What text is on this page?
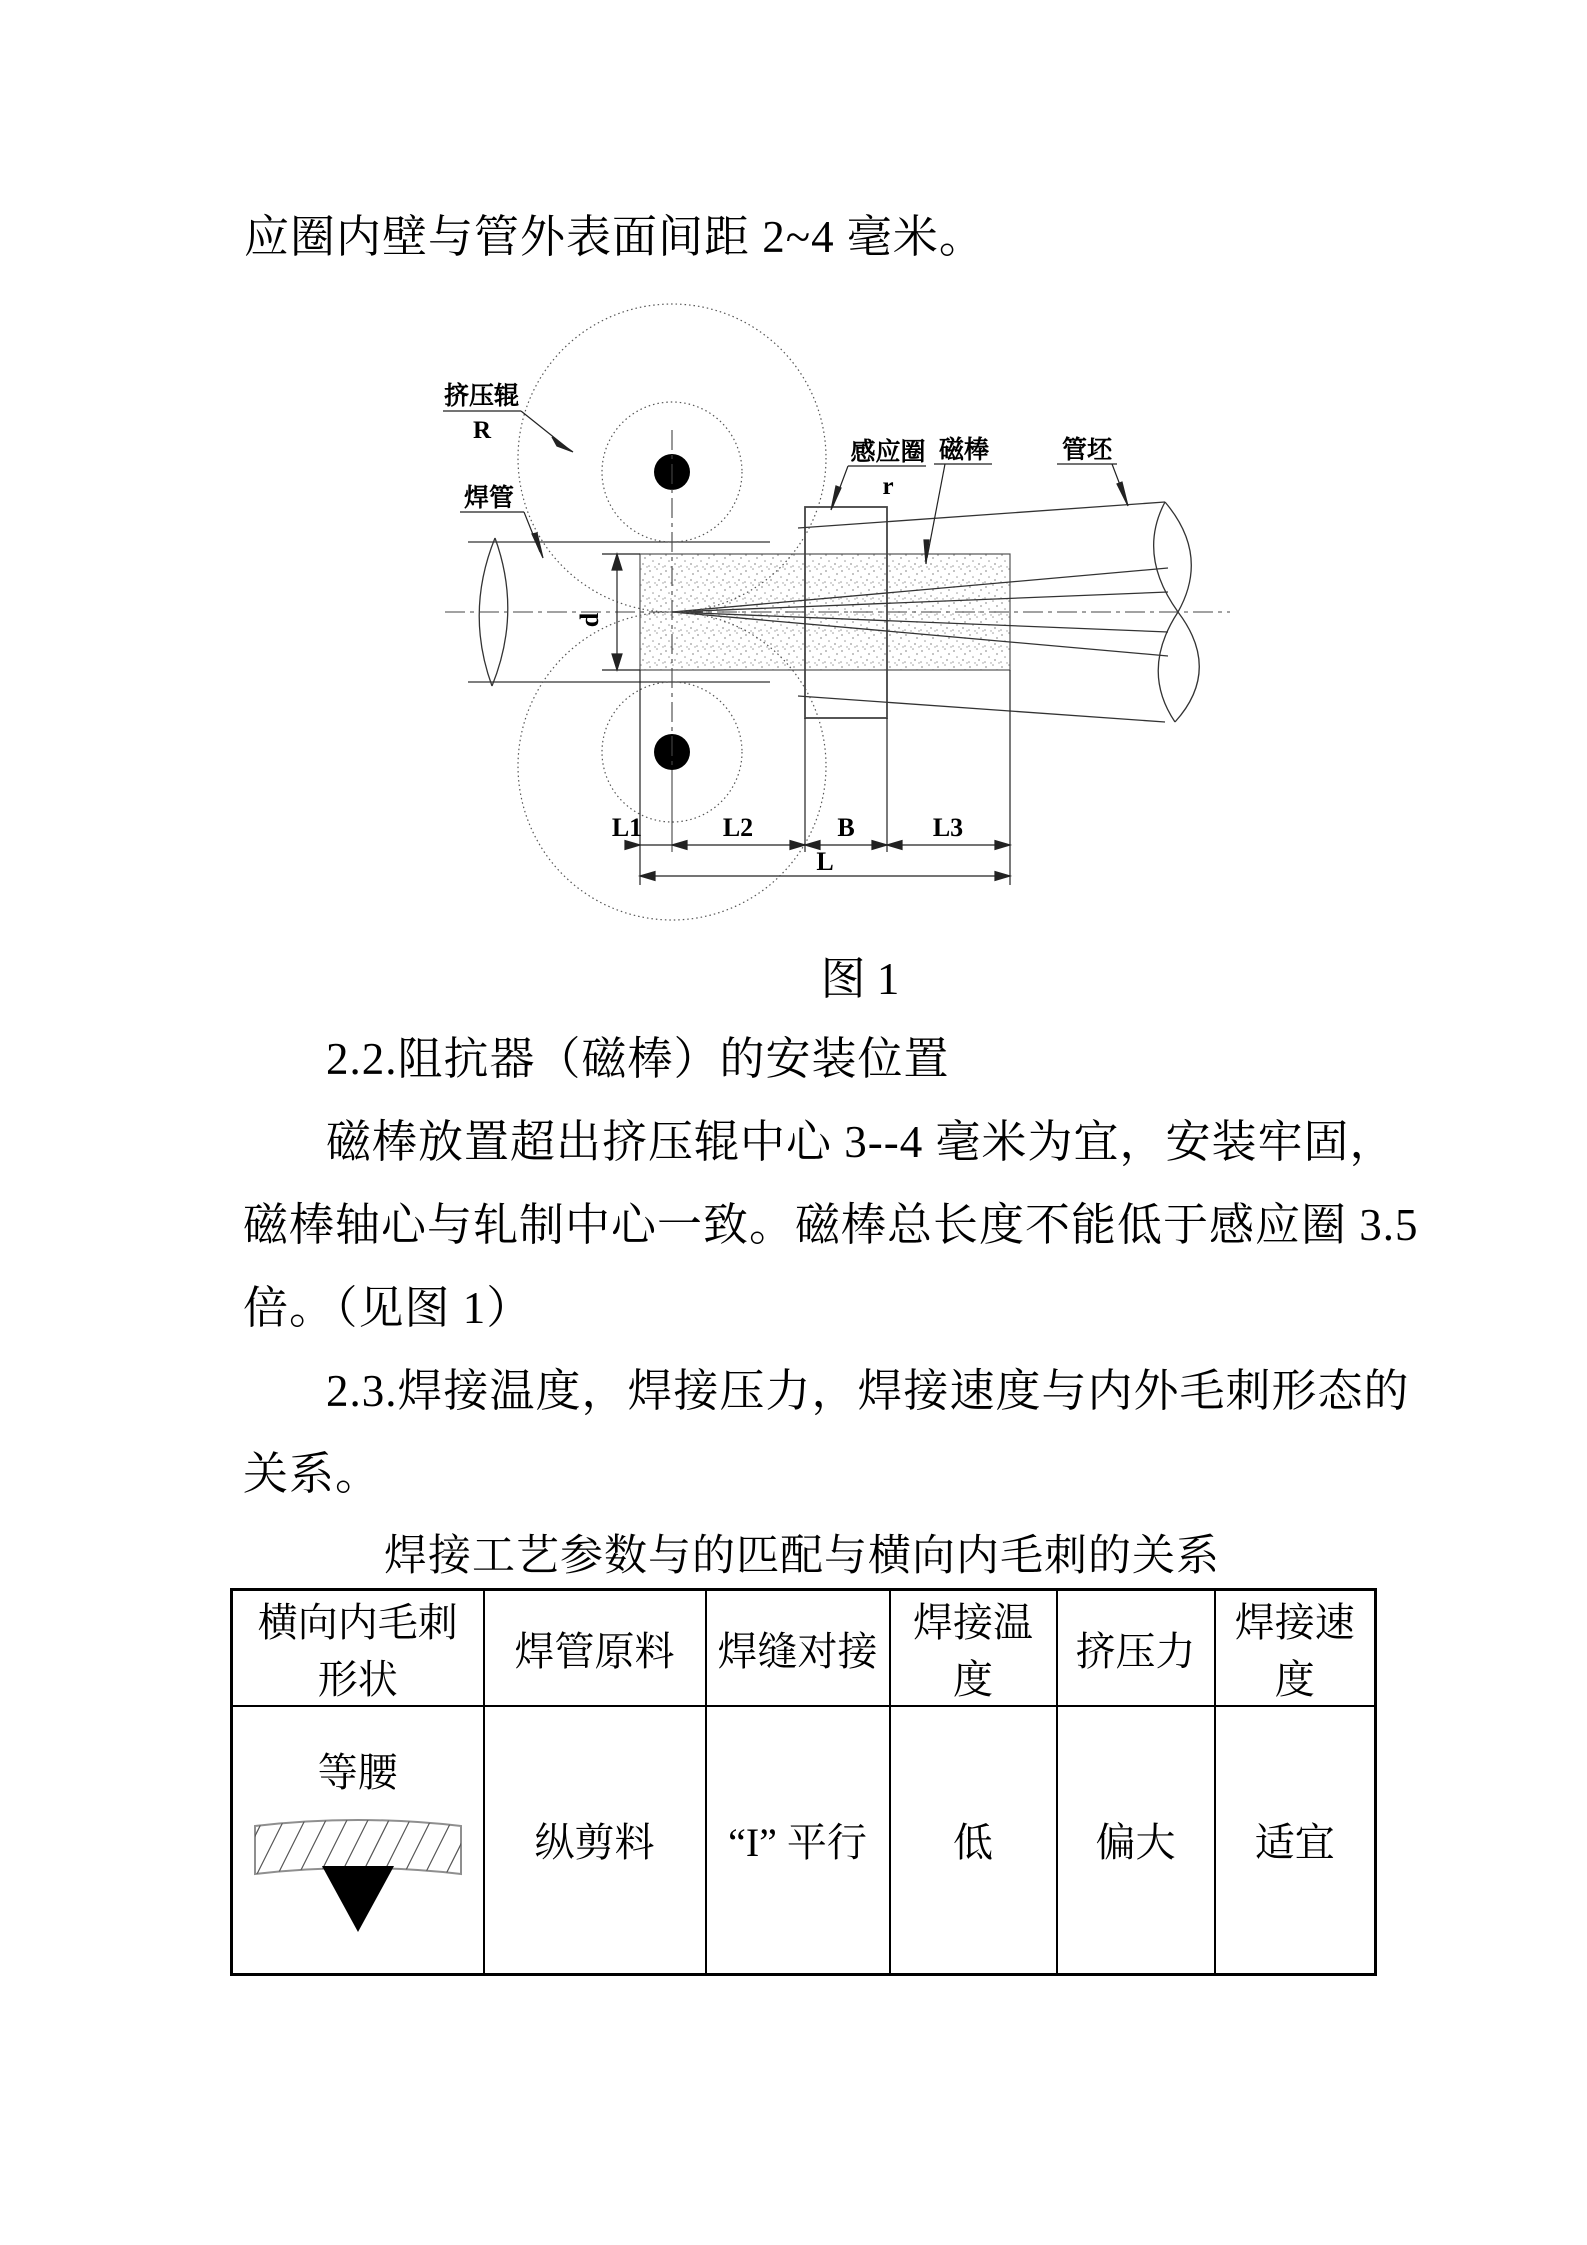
应圈内壁与管外表面间距 2~4 毫米。
d
L1	L2	B	L3
L
挤压辊
R
焊管
感应圈
r
磁棒	管坯
图 1
2.2.阻抗器（磁棒）的安装位置
磁棒放置超出挤压辊中心 3--4 毫米为宜，安装牢固，
磁棒轴心与轧制中心一致。磁棒总长度不能低于感应圈 3.5
倍。（见图 1）
2.3.焊接温度，焊接压力，焊接速度与内外毛刺形态的
关系。
焊接工艺参数与的匹配与横向内毛刺的关系
横向内毛刺形状	焊管原料	焊缝对接	焊接温度	挤压力	焊接速度

等腰	纵剪料	“I” 平行	低	偏大	适宜
